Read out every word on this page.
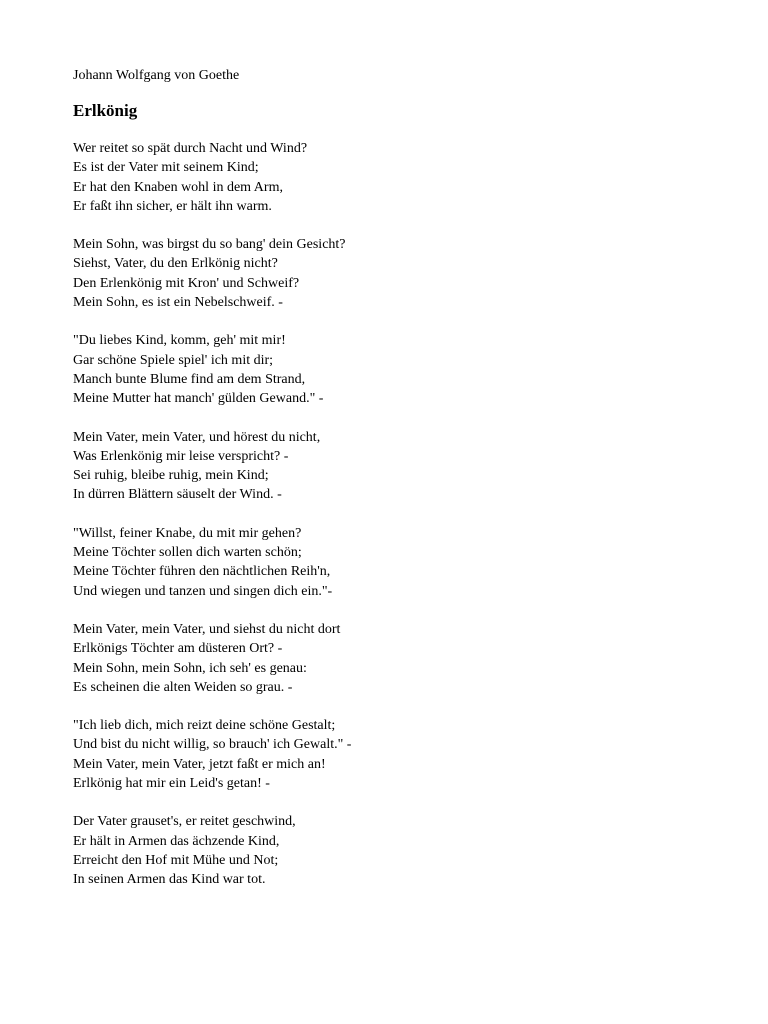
Johann Wolfgang von Goethe

Erlkönig
Wer reitet so spät durch Nacht und Wind?
Es ist der Vater mit seinem Kind;
Er hat den Knaben wohl in dem Arm,
Er faßt ihn sicher, er hält ihn warm.
Mein Sohn, was birgst du so bang' dein Gesicht?
Siehst, Vater, du den Erlkönig nicht?
Den Erlenkönig mit Kron' und Schweif?
Mein Sohn, es ist ein Nebelschweif. -
"Du liebes Kind, komm, geh' mit mir!
Gar schöne Spiele spiel' ich mit dir;
Manch bunte Blume find am dem Strand,
Meine Mutter hat manch' gülden Gewand." -
Mein Vater, mein Vater, und hörest du nicht,
Was Erlenkönig mir leise verspricht? -
Sei ruhig, bleibe ruhig, mein Kind;
In dürren Blättern säuselt der Wind. -
"Willst, feiner Knabe, du mit mir gehen?
Meine Töchter sollen dich warten schön;
Meine Töchter führen den nächtlichen Reih'n,
Und wiegen und tanzen und singen dich ein."-
Mein Vater, mein Vater, und siehst du nicht dort
Erlkönigs Töchter am düsteren Ort? -
Mein Sohn, mein Sohn, ich seh' es genau:
Es scheinen die alten Weiden so grau. -
"Ich lieb dich, mich reizt deine schöne Gestalt;
Und bist du nicht willig, so brauch' ich Gewalt." -
Mein Vater, mein Vater, jetzt faßt er mich an!
Erlkönig hat mir ein Leid's getan! -
Der Vater grauset's, er reitet geschwind,
Er hält in Armen das ächzende Kind,
Erreicht den Hof mit Mühe und Not;
In seinen Armen das Kind war tot.
